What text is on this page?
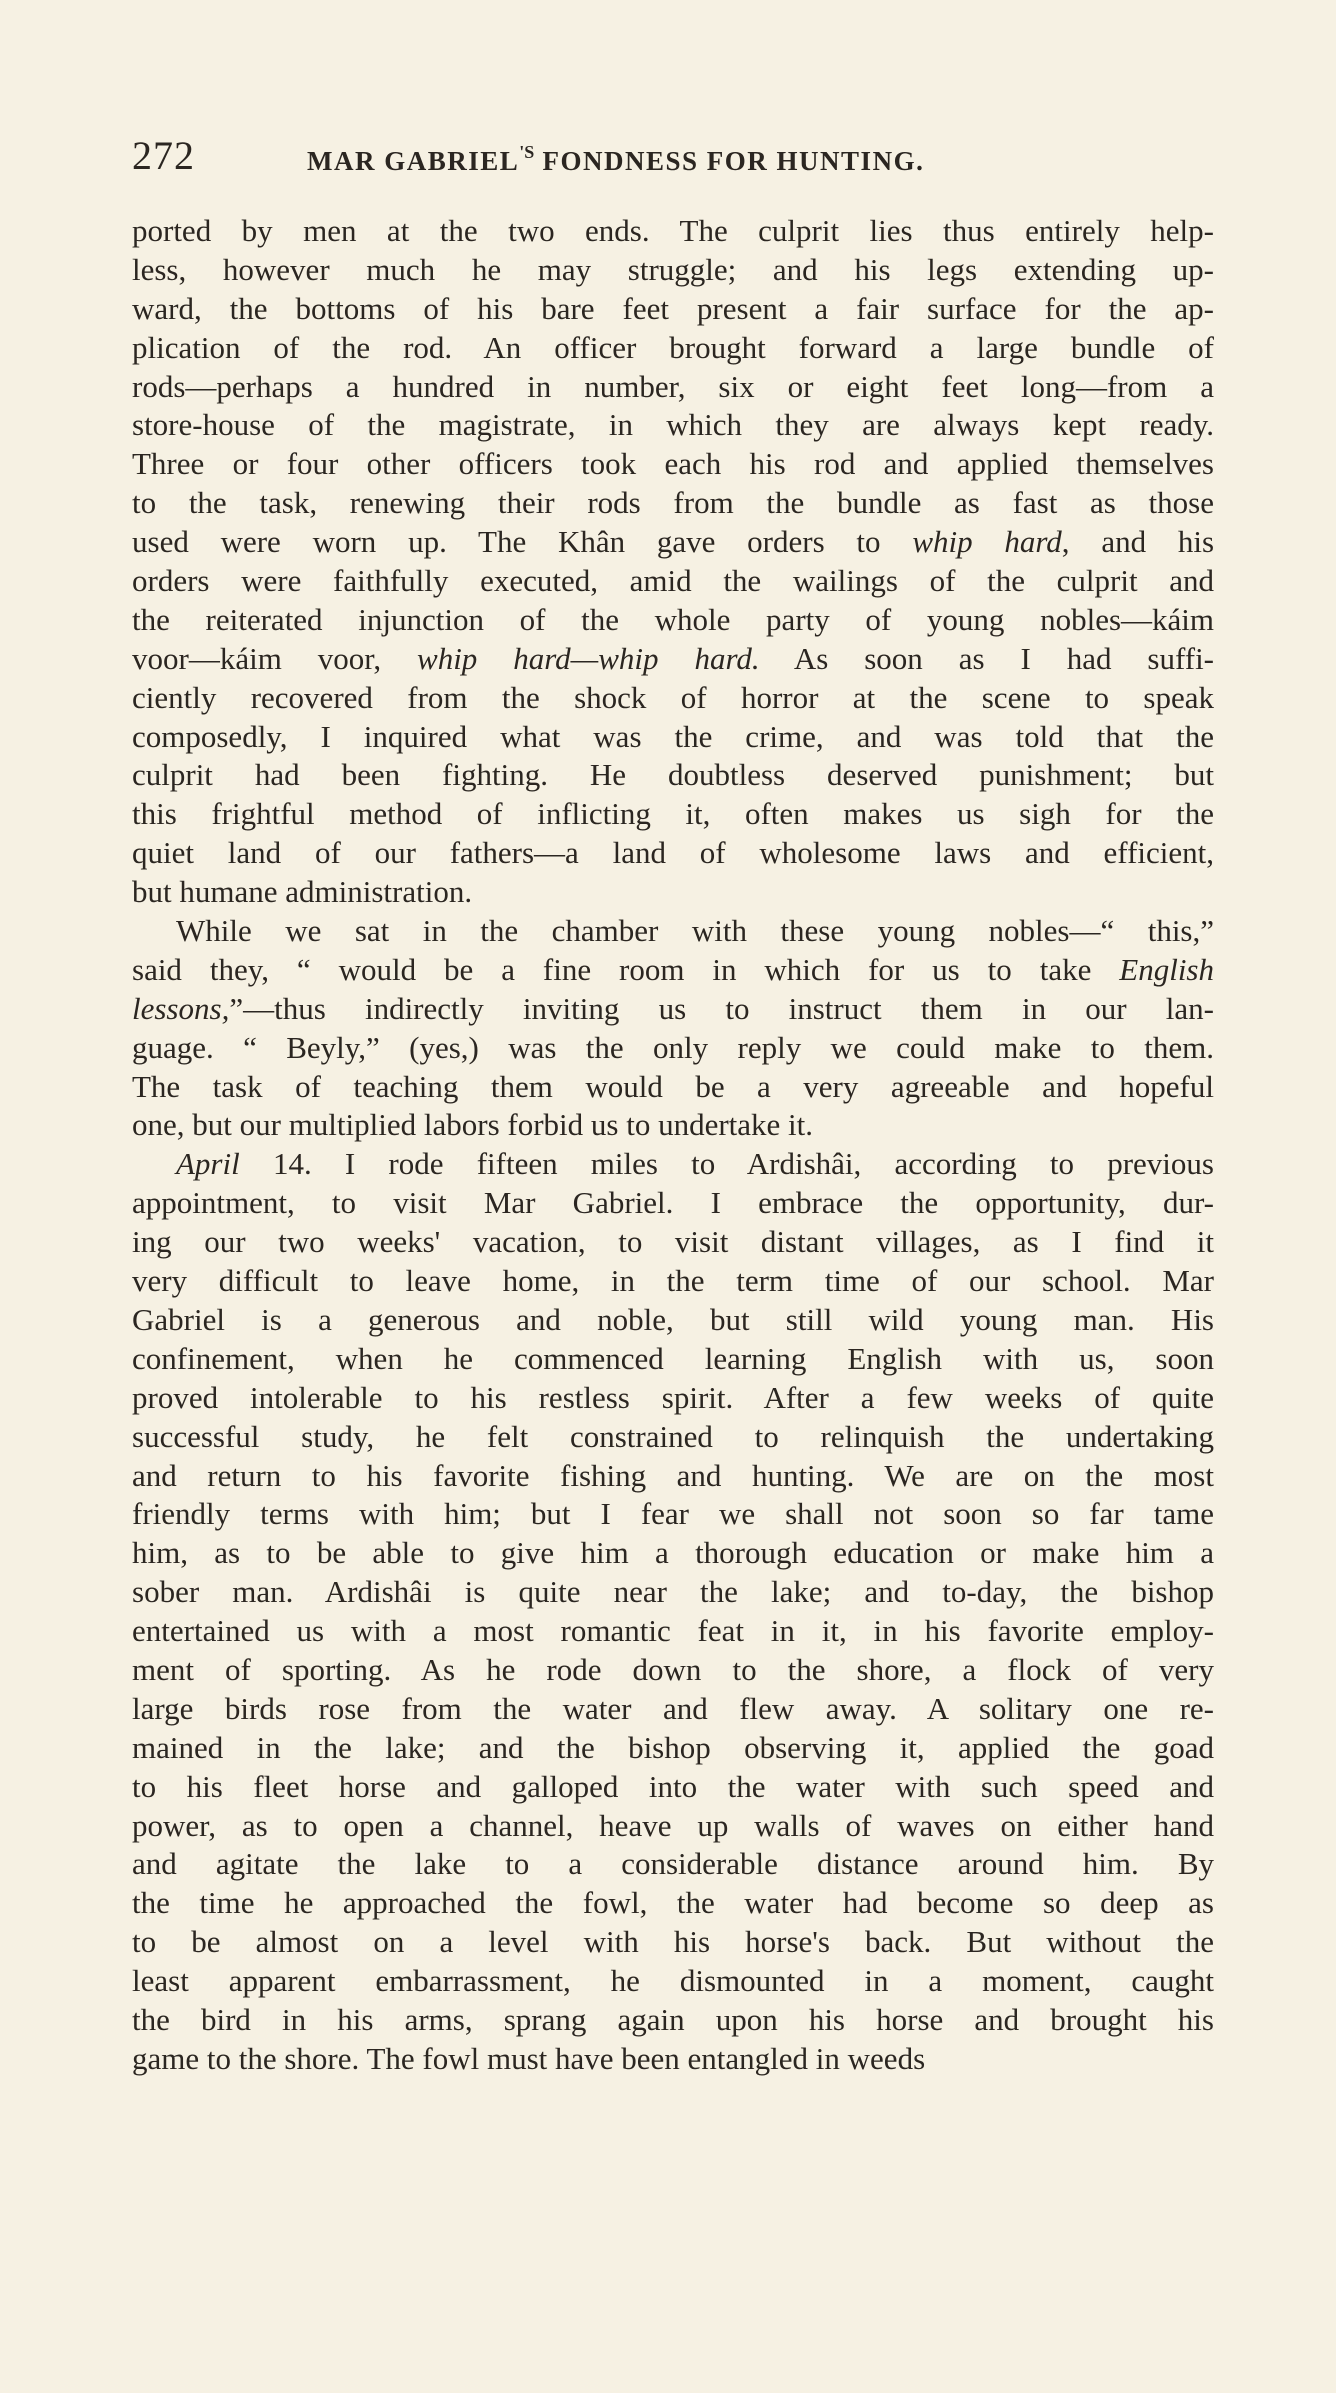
272	MAR $GABRIEL^{'S}$ FONDNESS FOR HUNTING.
ported by men at the two ends. The culprit lies thus entirely help-
less, however much he may struggle; and his legs extending up-
ward, the bottoms of his bare feet present a fair surface for the ap-
plication of the rod. An officer brought forward a large bundle of
rods—perhaps a hundred in number, six or eight feet long—from a
store-house of the magistrate, in which they are always kept ready.
Three or four other officers took each his rod and applied themselves
to the task, renewing their rods from the bundle as fast as those
used were worn up. The Khân gave orders to whip hard, and his
orders were faithfully executed, amid the wailings of the culprit and
the reiterated injunction of the whole party of young nobles—káim
voor—káim voor, whip hard—whip hard. As soon as I had suffi-
ciently recovered from the shock of horror at the scene to speak
composedly, I inquired what was the crime, and was told that the
culprit had been fighting. He doubtless deserved punishment; but
this frightful method of inflicting it, often makes us sigh for the
quiet land of our fathers—a land of wholesome laws and efficient,
but humane administration.
While we sat in the chamber with these young nobles—“ this,”
said they, “ would be a fine room in which for us to take English
lessons,”—thus indirectly inviting us to instruct them in our lan-
guage. “ Beyly,” (yes,) was the only reply we could make to them.
The task of teaching them would be a very agreeable and hopeful
one, but our multiplied labors forbid us to undertake it.
April 14. I rode fifteen miles to Ardishâi, according to previous
appointment, to visit Mar Gabriel. I embrace the opportunity, dur-
ing our two weeks' vacation, to visit distant villages, as I find it
very difficult to leave home, in the term time of our school. Mar
Gabriel is a generous and noble, but still wild young man. His
confinement, when he commenced learning English with us, soon
proved intolerable to his restless spirit. After a few weeks of quite
successful study, he felt constrained to relinquish the undertaking
and return to his favorite fishing and hunting. We are on the most
friendly terms with him; but I fear we shall not soon so far tame
him, as to be able to give him a thorough education or make him a
sober man. Ardishâi is quite near the lake; and to-day, the bishop
entertained us with a most romantic feat in it, in his favorite employ-
ment of sporting. As he rode down to the shore, a flock of very
large birds rose from the water and flew away. A solitary one re-
mained in the lake; and the bishop observing it, applied the goad
to his fleet horse and galloped into the water with such speed and
power, as to open a channel, heave up walls of waves on either hand
and agitate the lake to a considerable distance around him. By
the time he approached the fowl, the water had become so deep as
to be almost on a level with his horse's back. But without the
least apparent embarrassment, he dismounted in a moment, caught
the bird in his arms, sprang again upon his horse and brought his
game to the shore. The fowl must have been entangled in weeds
